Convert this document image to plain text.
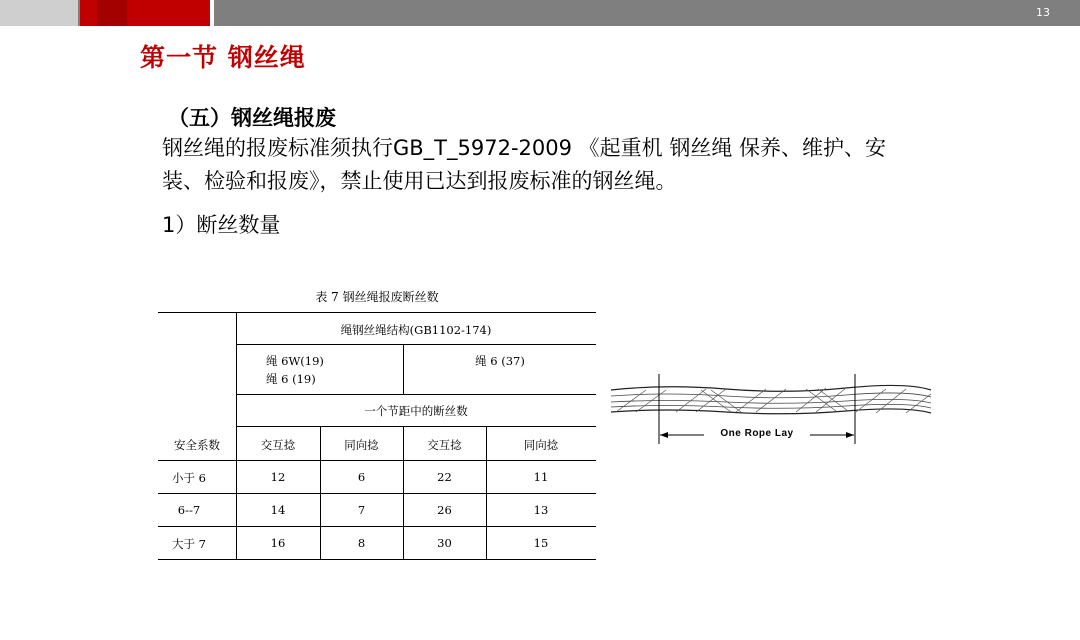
13
第一节 钢丝绳
（五）钢丝绳报废
钢丝绳的报废标准须执行GB_T_5972-2009 《起重机 钢丝绳 保养、维护、安装、检验和报废》，禁止使用已达到报废标准的钢丝绳。
1）断丝数量
表 7 钢丝绳报废断丝数
绳钢丝绳结构(GB1102-174)
绳 6W(19)
绳 6 (19)
绳 6 (37)
一个节距中的断丝数
安全系数	交互捻	同向捻	交互捻	同向捻
小于 6	12	6	22	11
6--7	14	7	26	13
大于 7	16	8	30	15
One Rope Lay
